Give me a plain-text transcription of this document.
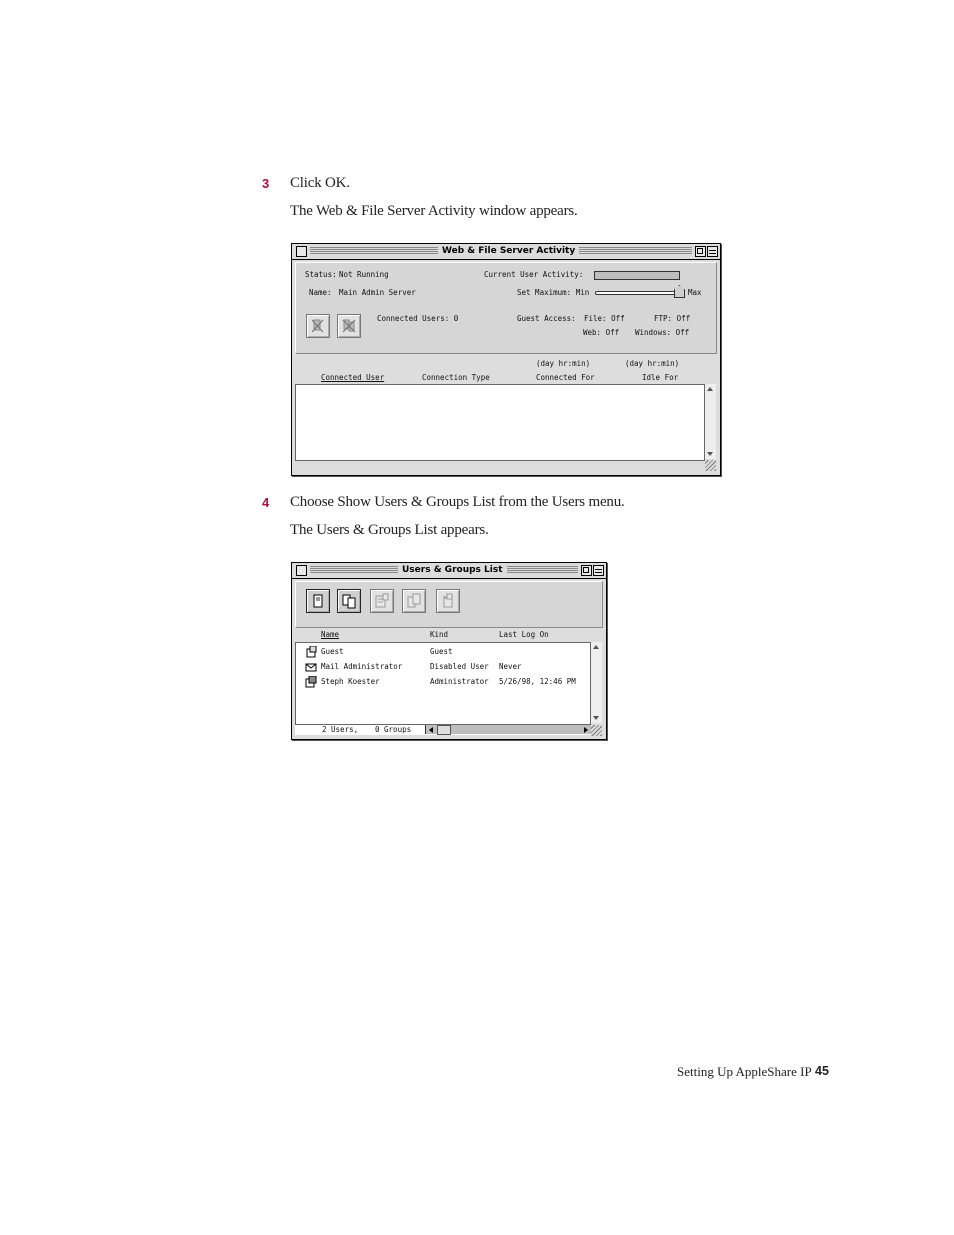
3 Click OK.
The Web & File Server Activity window appears.
Web & File Server Activity
Status: Not Running
Name: Main Admin Server
Current User Activity:
Set Maximum: Min	Max
Connected Users: 0	Guest Access: File: Off	FTP: Off
Web: Off Windows: Off
(day hr:min)	(day hr:min)
Connected User	Connection Type	Connected For	Idle For
4 Choose Show Users & Groups List from the Users menu.
The Users & Groups List appears.
Users & Groups List
Name	Kind	Last Log On
Guest	Guest
Mail Administrator	Disabled User Never
Steph Koester	Administrator 5/26/98, 12:46 PM
2 Users, 0 Groups
Setting Up AppleShare IP 45
